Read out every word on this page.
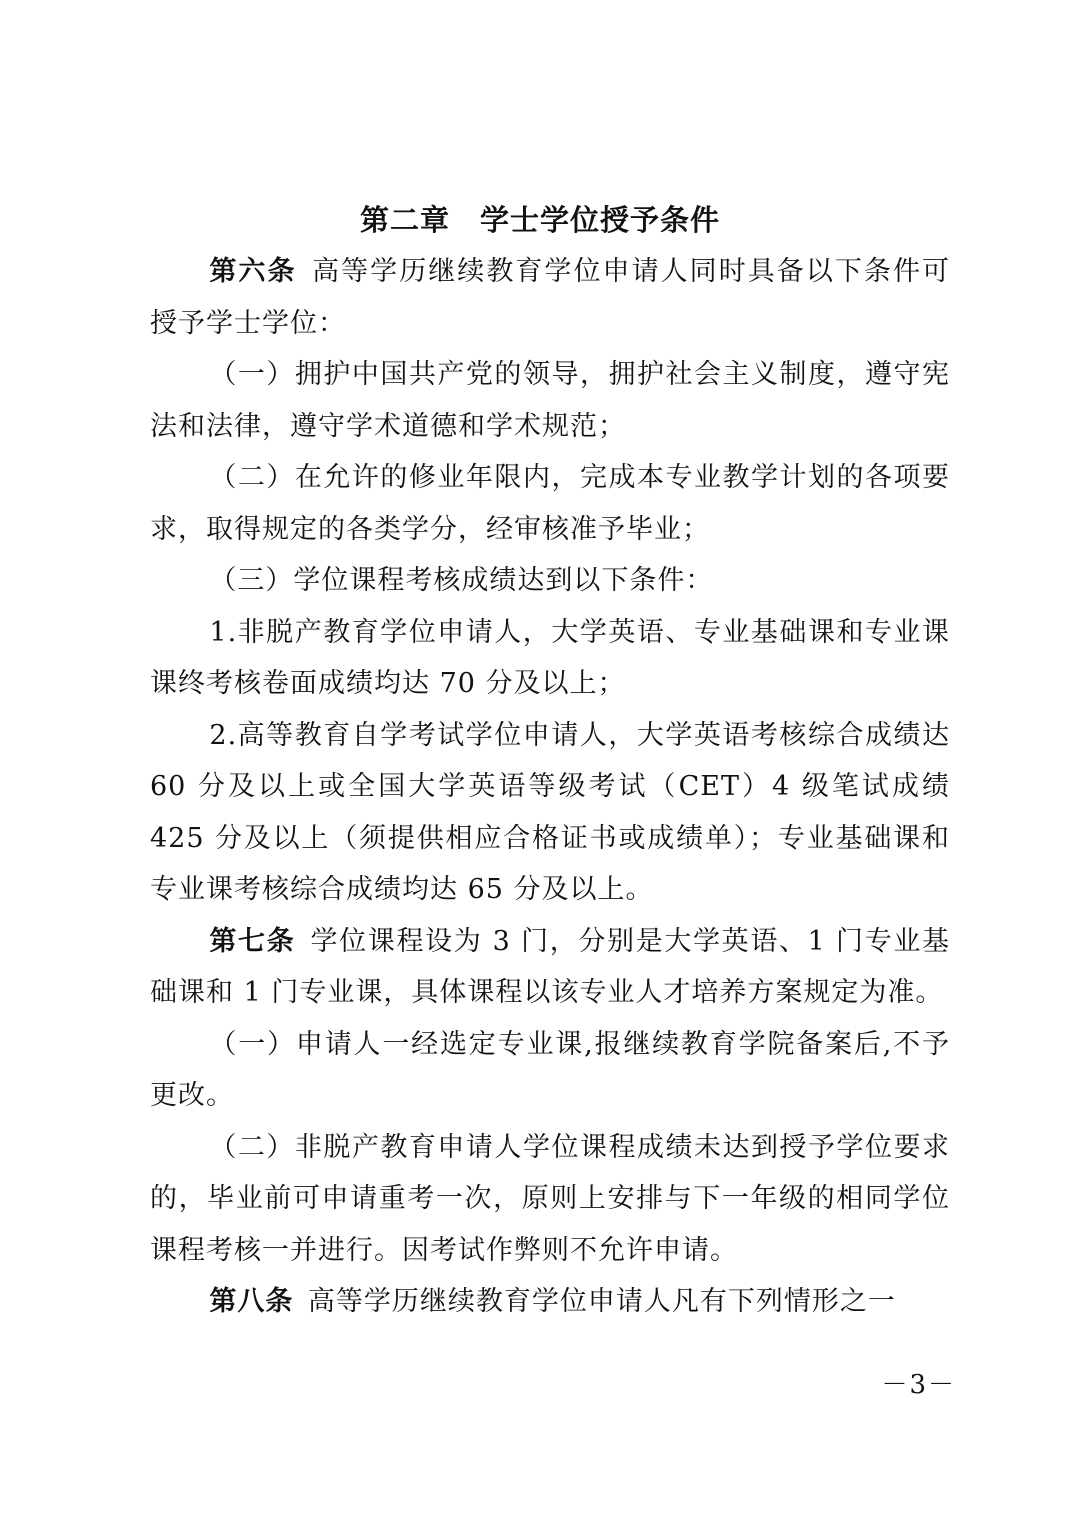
第二章　学士学位授予条件

第六条  高等学历继续教育学位申请人同时具备以下条件可授予学士学位：

（一）拥护中国共产党的领导，拥护社会主义制度，遵守宪法和法律，遵守学术道德和学术规范；

（二）在允许的修业年限内，完成本专业教学计划的各项要求，取得规定的各类学分，经审核准予毕业；

（三）学位课程考核成绩达到以下条件：

1.非脱产教育学位申请人，大学英语、专业基础课和专业课课终考核卷面成绩均达 70 分及以上；

2.高等教育自学考试学位申请人，大学英语考核综合成绩达 60 分及以上或全国大学英语等级考试（CET）4 级笔试成绩 425 分及以上（须提供相应合格证书或成绩单）；专业基础课和专业课考核综合成绩均达 65 分及以上。

第七条  学位课程设为 3 门，分别是大学英语、1 门专业基础课和 1 门专业课，具体课程以该专业人才培养方案规定为准。

（一）申请人一经选定专业课,报继续教育学院备案后,不予更改。

（二）非脱产教育申请人学位课程成绩未达到授予学位要求的，毕业前可申请重考一次，原则上安排与下一年级的相同学位课程考核一并进行。因考试作弊则不允许申请。

第八条  高等学历继续教育学位申请人凡有下列情形之一

－3－
